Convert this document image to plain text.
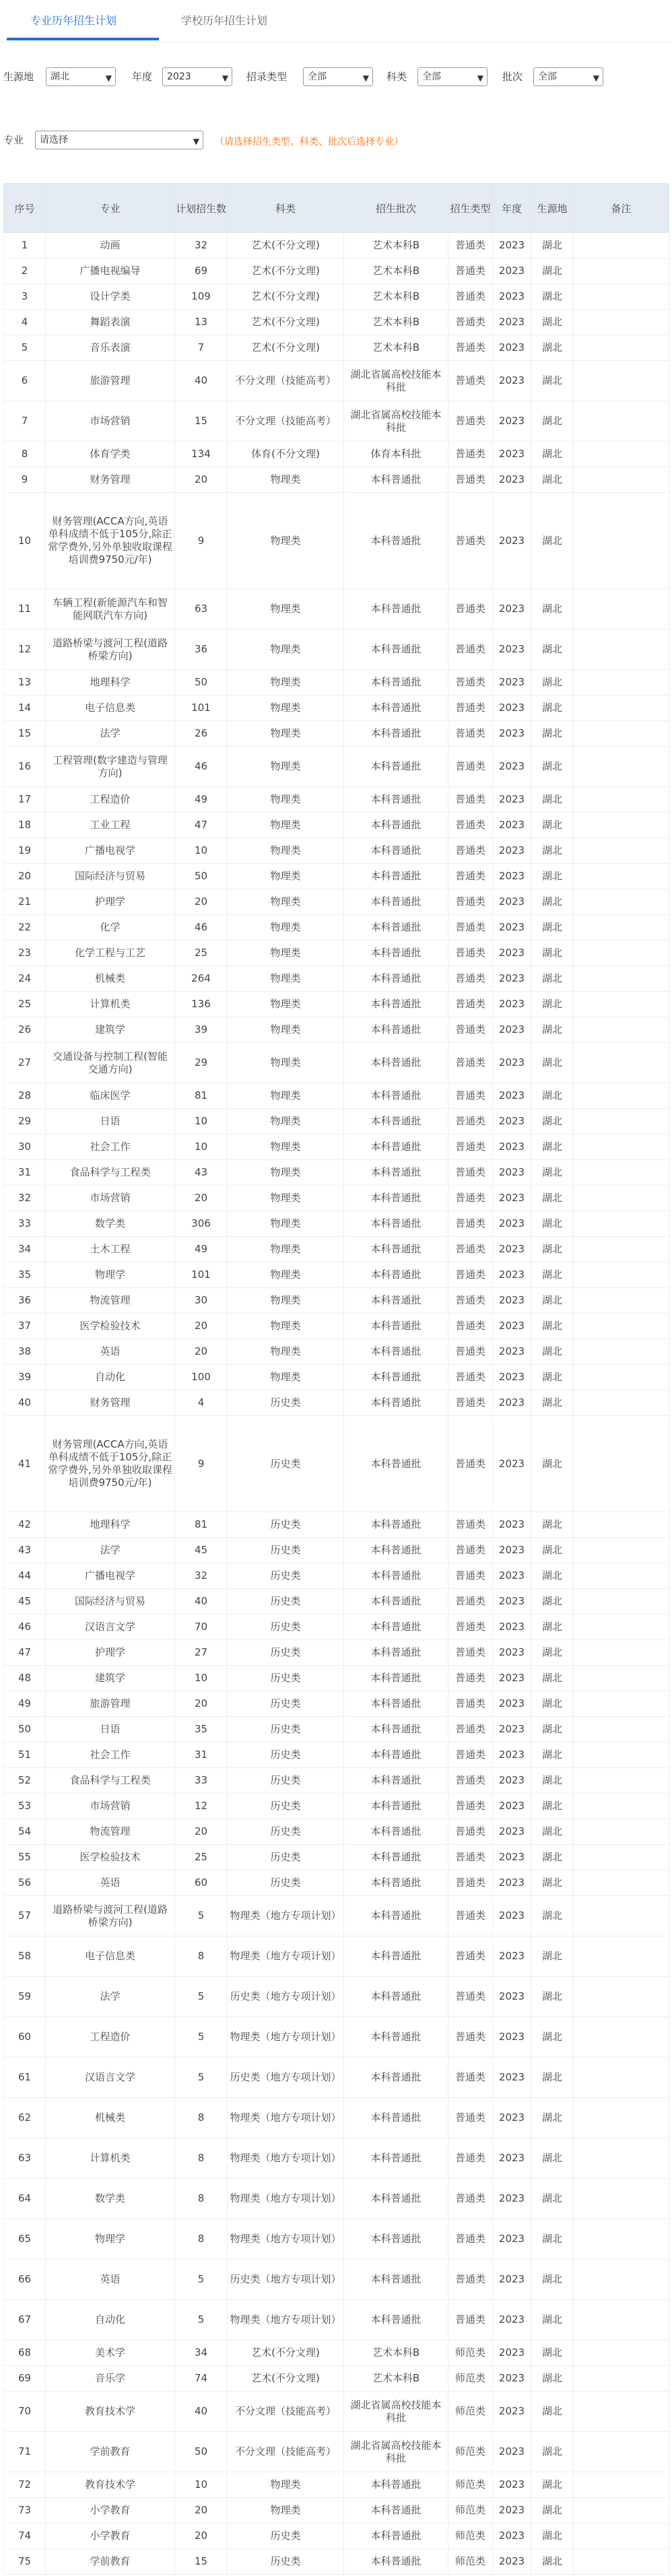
专业历年招生计划	学校历年招生计划
生源地	湖北	▼ 年度	2023	▼ 招录类型	全部	▼ 科类	全部	▼ 批次	全部	▼
专业	请选择	▼ （请选择招生类型、科类、批次后选择专业）
序号	专业	计划招生数	科类	招生批次	招生类型	年度	生源地	备注
1	动画	32	艺术(不分文理)	艺术本科B	普通类	2023	湖北	
2	广播电视编导	69	艺术(不分文理)	艺术本科B	普通类	2023	湖北	
3	设计学类	109	艺术(不分文理)	艺术本科B	普通类	2023	湖北	
4	舞蹈表演	13	艺术(不分文理)	艺术本科B	普通类	2023	湖北	
5	音乐表演	7	艺术(不分文理)	艺术本科B	普通类	2023	湖北	
6	旅游管理	40	不分文理（技能高考）	湖北省属高校技能本科批	普通类	2023	湖北	
7	市场营销	15	不分文理（技能高考）	湖北省属高校技能本科批	普通类	2023	湖北	
8	体育学类	134	体育(不分文理)	体育本科批	普通类	2023	湖北	
9	财务管理	20	物理类	本科普通批	普通类	2023	湖北	
10	财务管理(ACCA方向,英语单科成绩不低于105分,除正常学费外,另外单独收取课程培训费9750元/年)	9	物理类	本科普通批	普通类	2023	湖北	
11	车辆工程(新能源汽车和智能网联汽车方向)	63	物理类	本科普通批	普通类	2023	湖北	
12	道路桥梁与渡河工程(道路桥梁方向)	36	物理类	本科普通批	普通类	2023	湖北	
13	地理科学	50	物理类	本科普通批	普通类	2023	湖北	
14	电子信息类	101	物理类	本科普通批	普通类	2023	湖北	
15	法学	26	物理类	本科普通批	普通类	2023	湖北	
16	工程管理(数字建造与管理方向)	46	物理类	本科普通批	普通类	2023	湖北	
17	工程造价	49	物理类	本科普通批	普通类	2023	湖北	
18	工业工程	47	物理类	本科普通批	普通类	2023	湖北	
19	广播电视学	10	物理类	本科普通批	普通类	2023	湖北	
20	国际经济与贸易	50	物理类	本科普通批	普通类	2023	湖北	
21	护理学	20	物理类	本科普通批	普通类	2023	湖北	
22	化学	46	物理类	本科普通批	普通类	2023	湖北	
23	化学工程与工艺	25	物理类	本科普通批	普通类	2023	湖北	
24	机械类	264	物理类	本科普通批	普通类	2023	湖北	
25	计算机类	136	物理类	本科普通批	普通类	2023	湖北	
26	建筑学	39	物理类	本科普通批	普通类	2023	湖北	
27	交通设备与控制工程(智能交通方向)	29	物理类	本科普通批	普通类	2023	湖北	
28	临床医学	81	物理类	本科普通批	普通类	2023	湖北	
29	日语	10	物理类	本科普通批	普通类	2023	湖北	
30	社会工作	10	物理类	本科普通批	普通类	2023	湖北	
31	食品科学与工程类	43	物理类	本科普通批	普通类	2023	湖北	
32	市场营销	20	物理类	本科普通批	普通类	2023	湖北	
33	数学类	306	物理类	本科普通批	普通类	2023	湖北	
34	土木工程	49	物理类	本科普通批	普通类	2023	湖北	
35	物理学	101	物理类	本科普通批	普通类	2023	湖北	
36	物流管理	30	物理类	本科普通批	普通类	2023	湖北	
37	医学检验技术	20	物理类	本科普通批	普通类	2023	湖北	
38	英语	20	物理类	本科普通批	普通类	2023	湖北	
39	自动化	100	物理类	本科普通批	普通类	2023	湖北	
40	财务管理	4	历史类	本科普通批	普通类	2023	湖北	
41	财务管理(ACCA方向,英语单科成绩不低于105分,除正常学费外,另外单独收取课程培训费9750元/年)	9	历史类	本科普通批	普通类	2023	湖北	
42	地理科学	81	历史类	本科普通批	普通类	2023	湖北	
43	法学	45	历史类	本科普通批	普通类	2023	湖北	
44	广播电视学	32	历史类	本科普通批	普通类	2023	湖北	
45	国际经济与贸易	40	历史类	本科普通批	普通类	2023	湖北	
46	汉语言文学	70	历史类	本科普通批	普通类	2023	湖北	
47	护理学	27	历史类	本科普通批	普通类	2023	湖北	
48	建筑学	10	历史类	本科普通批	普通类	2023	湖北	
49	旅游管理	20	历史类	本科普通批	普通类	2023	湖北	
50	日语	35	历史类	本科普通批	普通类	2023	湖北	
51	社会工作	31	历史类	本科普通批	普通类	2023	湖北	
52	食品科学与工程类	33	历史类	本科普通批	普通类	2023	湖北	
53	市场营销	12	历史类	本科普通批	普通类	2023	湖北	
54	物流管理	20	历史类	本科普通批	普通类	2023	湖北	
55	医学检验技术	25	历史类	本科普通批	普通类	2023	湖北	
56	英语	60	历史类	本科普通批	普通类	2023	湖北	
57	道路桥梁与渡河工程(道路桥梁方向)	5	物理类（地方专项计划）	本科普通批	普通类	2023	湖北	
58	电子信息类	8	物理类（地方专项计划）	本科普通批	普通类	2023	湖北	
59	法学	5	历史类（地方专项计划）	本科普通批	普通类	2023	湖北	
60	工程造价	5	物理类（地方专项计划）	本科普通批	普通类	2023	湖北	
61	汉语言文学	5	历史类（地方专项计划）	本科普通批	普通类	2023	湖北	
62	机械类	8	物理类（地方专项计划）	本科普通批	普通类	2023	湖北	
63	计算机类	8	物理类（地方专项计划）	本科普通批	普通类	2023	湖北	
64	数学类	8	物理类（地方专项计划）	本科普通批	普通类	2023	湖北	
65	物理学	8	物理类（地方专项计划）	本科普通批	普通类	2023	湖北	
66	英语	5	历史类（地方专项计划）	本科普通批	普通类	2023	湖北	
67	自动化	5	物理类（地方专项计划）	本科普通批	普通类	2023	湖北	
68	美术学	34	艺术(不分文理)	艺术本科B	师范类	2023	湖北	
69	音乐学	74	艺术(不分文理)	艺术本科B	师范类	2023	湖北	
70	教育技术学	40	不分文理（技能高考）	湖北省属高校技能本科批	师范类	2023	湖北	
71	学前教育	50	不分文理（技能高考）	湖北省属高校技能本科批	师范类	2023	湖北	
72	教育技术学	10	物理类	本科普通批	师范类	2023	湖北	
73	小学教育	20	物理类	本科普通批	师范类	2023	湖北	
74	小学教育	20	历史类	本科普通批	师范类	2023	湖北	
75	学前教育	15	历史类	本科普通批	师范类	2023	湖北	
